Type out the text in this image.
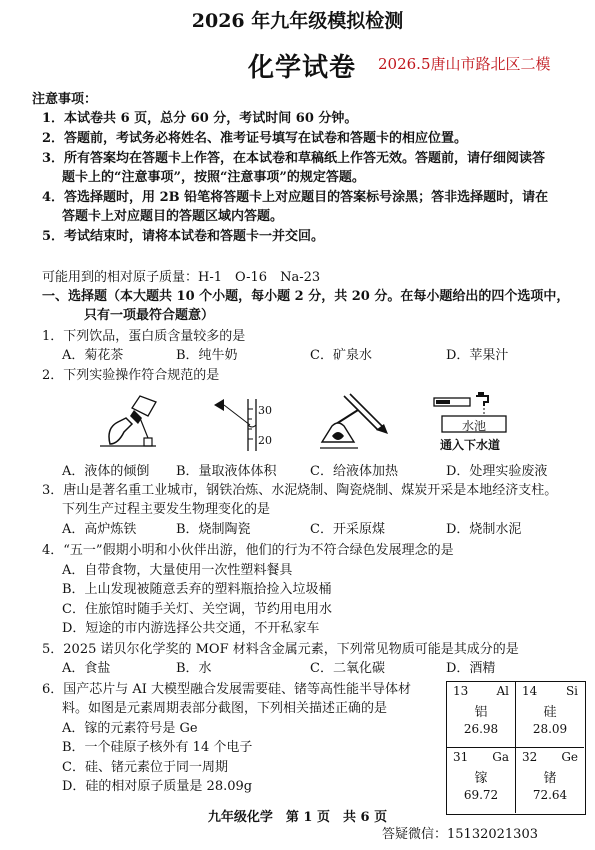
2026 年九年级模拟检测
化学试卷 2026.5唐山市路北区二模
注意事项：
1．本试卷共 6 页，总分 60 分，考试时间 60 分钟。
2．答题前，考试务必将姓名、准考证号填写在试卷和答题卡的相应位置。
3．所有答案均在答题卡上作答，在本试卷和草稿纸上作答无效。答题前，请仔细阅读答
题卡上的“注意事项”，按照“注意事项”的规定答题。
4．答选择题时，用 2B 铅笔将答题卡上对应题目的答案标号涂黑；答非选择题时，请在
答题卡上对应题目的答题区域内答题。
5．考试结束时，请将本试卷和答题卡一并交回。
可能用到的相对原子质量：H-1　O-16　Na-23
一、选择题（本大题共 10 个小题，每小题 2 分，共 20 分。在每小题给出的四个选项中，
只有一项最符合题意）
1．下列饮品，蛋白质含量较多的是
A．菊花茶	B．纯牛奶	C．矿泉水	D．苹果汁
2．下列实验操作符合规范的是
30
20
水池
通入下水道
A．液体的倾倒 B．量取液体体积	C．给液体加热	D．处理实验废液
3．唐山是著名重工业城市，钢铁冶炼、水泥烧制、陶瓷烧制、煤炭开采是本地经济支柱。
下列生产过程主要发生物理变化的是
A．高炉炼铁	B．烧制陶瓷	C．开采原煤	D．烧制水泥
4．“五一”假期小明和小伙伴出游，他们的行为不符合绿色发展理念的是
A．自带食物，大量使用一次性塑料餐具
B．上山发现被随意丢弃的塑料瓶拾捡入垃圾桶
C．住旅馆时随手关灯、关空调，节约用电用水
D．短途的市内游选择公共交通，不开私家车
5．2025 诺贝尔化学奖的 MOF 材料含金属元素，下列常见物质可能是其成分的是
A．食盐	B．水	C．二氧化碳	D．酒精
6．国产芯片与 AI 大模型融合发展需要硅、锗等高性能半导体材
料。如图是元素周期表部分截图，下列相关描述正确的是
A．镓的元素符号是 Ge
B．一个硅原子核外有 14 个电子
C．硅、锗元素位于同一周期
D．硅的相对原子质量是 28.09g
13 Al
铝
26.98
14 Si
硅
28.09
31 Ga
镓
69.72
32 Ge
锗
72.64
九年级化学　第 1 页　共 6 页
答疑微信：15132021303
